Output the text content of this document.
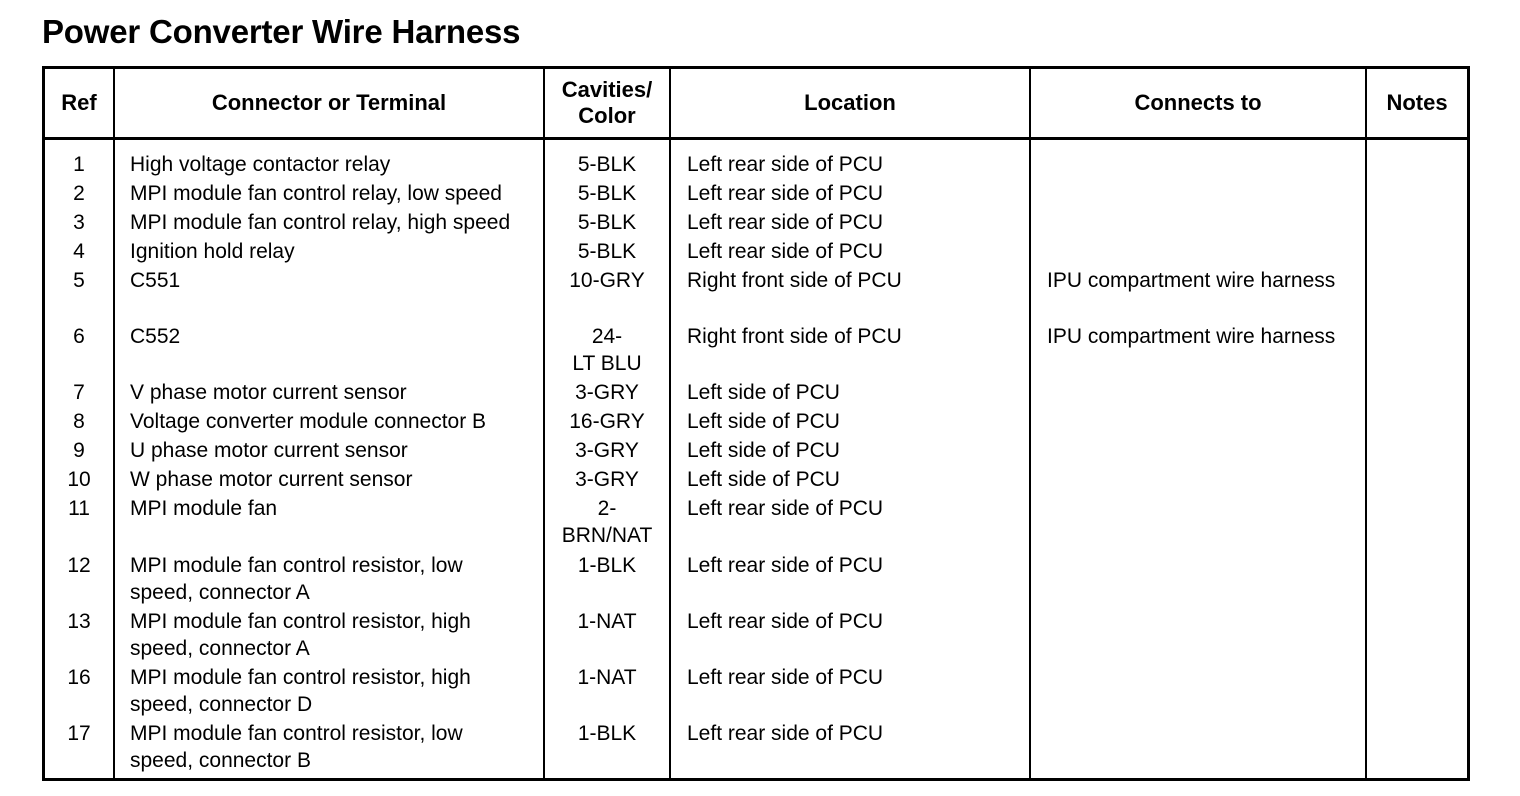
Power Converter Wire Harness
Ref	Connector or Terminal
Cavities/
Color
Location	Connects to	Notes
1	High voltage contactor relay	5-BLK	Left rear side of PCU
2	MPI module fan control relay, low speed	5-BLK	Left rear side of PCU
3	MPI module fan control relay, high speed	5-BLK	Left rear side of PCU
4	Ignition hold relay	5-BLK	Left rear side of PCU
5	C551	10-GRY	Right front side of PCU	IPU compartment wire harness
6	C552	24-
LT BLU
Right front side of PCU	IPU compartment wire harness
7	V phase motor current sensor	3-GRY	Left side of PCU
8	Voltage converter module connector B	16-GRY	Left side of PCU
9	U phase motor current sensor	3-GRY	Left side of PCU
10	W phase motor current sensor	3-GRY	Left side of PCU
11	MPI module fan	2-
BRN/NAT
Left rear side of PCU
12	MPI module fan control resistor, low
speed, connector A
1-BLK	Left rear side of PCU
13	MPI module fan control resistor, high
speed, connector A
1-NAT	Left rear side of PCU
16	MPI module fan control resistor, high
speed, connector D
1-NAT	Left rear side of PCU
17	MPI module fan control resistor, low
speed, connector B
1-BLK	Left rear side of PCU
